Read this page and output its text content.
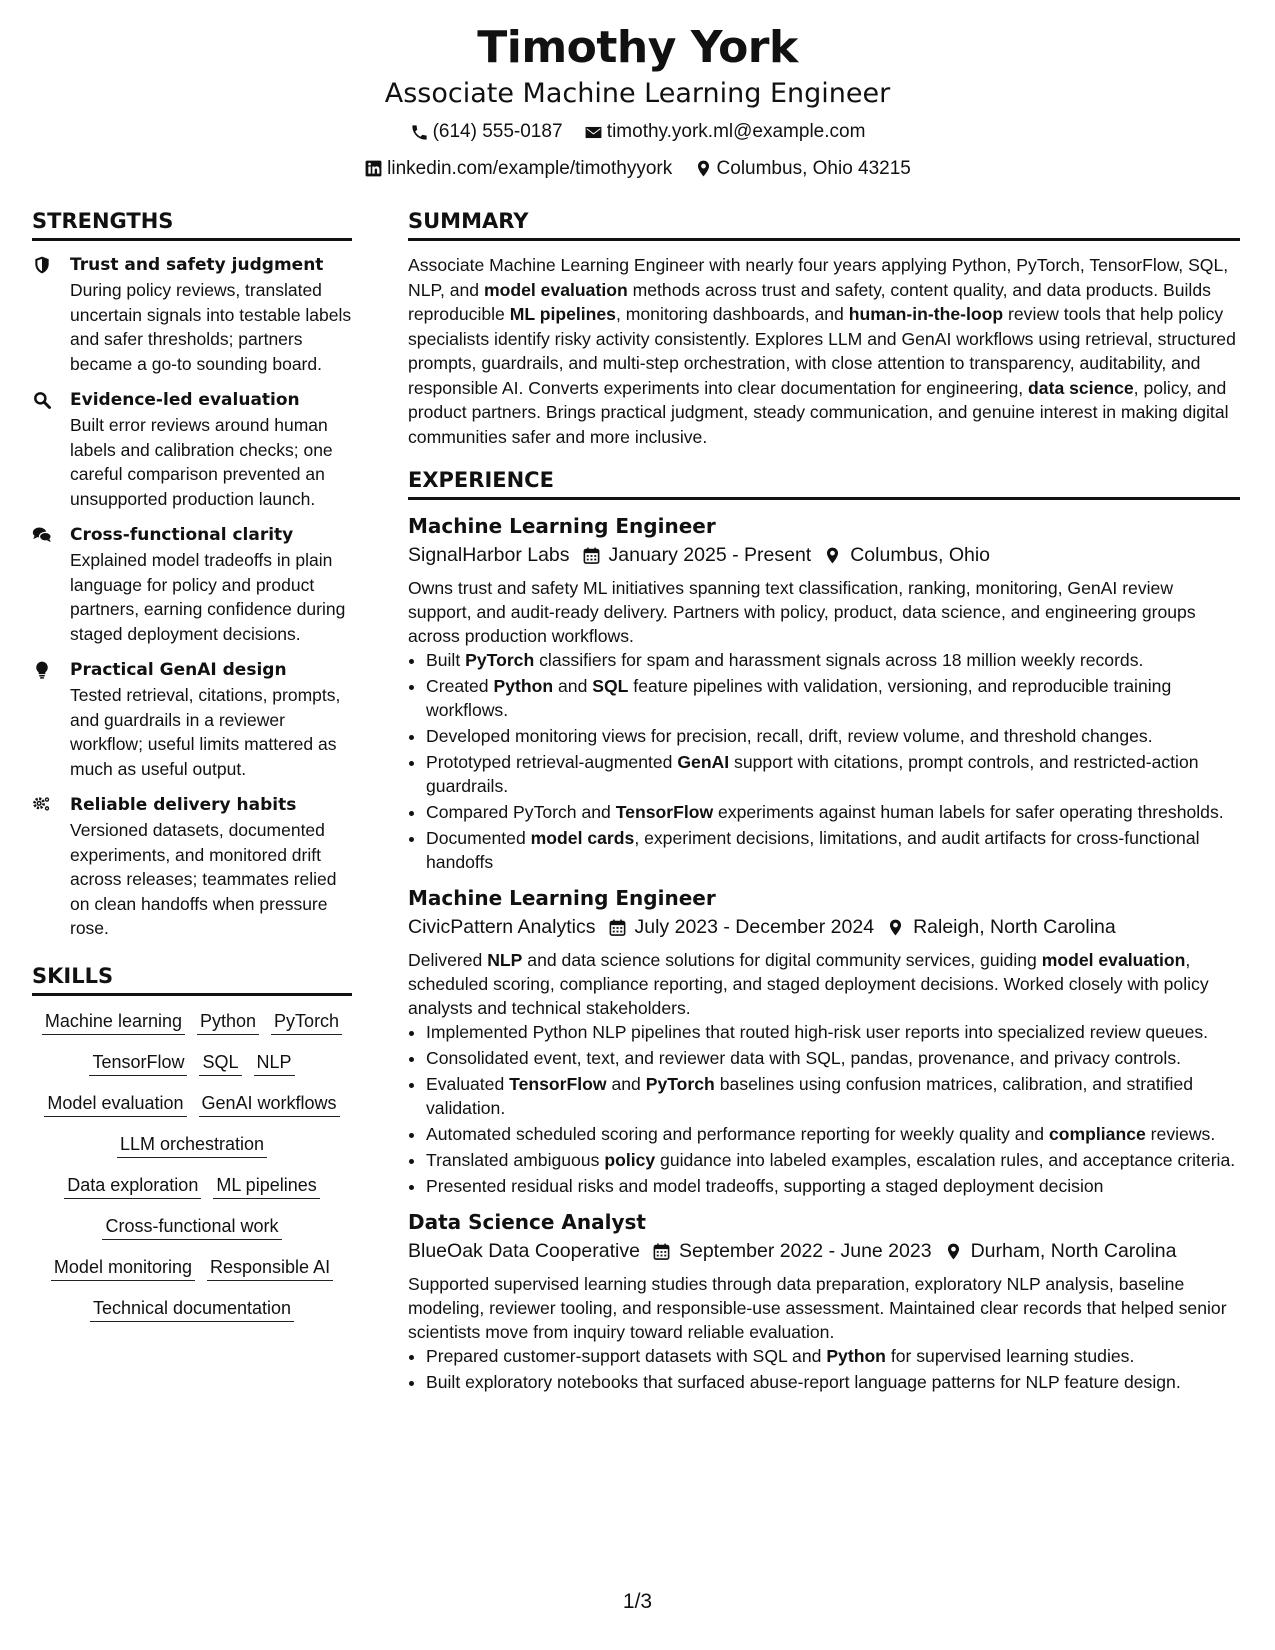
Timothy York
Associate Machine Learning Engineer
(614) 555-0187
timothy.york.ml@example.com
linkedin.com/example/timothyyork
Columbus, Ohio 43215
STRENGTHS
Trust and safety judgment
During policy reviews, translated uncertain signals into testable labels and safer thresholds; partners became a go-to sounding board.
Evidence-led evaluation
Built error reviews around human labels and calibration checks; one careful comparison prevented an unsupported production launch.
Cross-functional clarity
Explained model tradeoffs in plain language for policy and product partners, earning confidence during staged deployment decisions.
Practical GenAI design
Tested retrieval, citations, prompts, and guardrails in a reviewer workflow; useful limits mattered as much as useful output.
Reliable delivery habits
Versioned datasets, documented experiments, and monitored drift across releases; teammates relied on clean handoffs when pressure rose.
SKILLS
Machine learning Python PyTorch
TensorFlow SQL NLP
Model evaluation GenAI workflows
LLM orchestration
Data exploration ML pipelines
Cross-functional work
Model monitoring Responsible AI
Technical documentation
SUMMARY
Associate Machine Learning Engineer with nearly four years applying Python, PyTorch, TensorFlow, SQL, NLP, and model evaluation methods across trust and safety, content quality, and data products. Builds reproducible ML pipelines, monitoring dashboards, and human-in-the-loop review tools that help policy specialists identify risky activity consistently. Explores LLM and GenAI workflows using retrieval, structured prompts, guardrails, and multi-step orchestration, with close attention to transparency, auditability, and responsible AI. Converts experiments into clear documentation for engineering, data science, policy, and product partners. Brings practical judgment, steady communication, and genuine interest in making digital communities safer and more inclusive.
EXPERIENCE
Machine Learning Engineer
SignalHarbor Labs January 2025 - Present Columbus, Ohio
Owns trust and safety ML initiatives spanning text classification, ranking, monitoring, GenAI review support, and audit-ready delivery. Partners with policy, product, data science, and engineering groups across production workflows.
• Built PyTorch classifiers for spam and harassment signals across 18 million weekly records.
• Created Python and SQL feature pipelines with validation, versioning, and reproducible training workflows.
• Developed monitoring views for precision, recall, drift, review volume, and threshold changes.
• Prototyped retrieval-augmented GenAI support with citations, prompt controls, and restricted-action guardrails.
• Compared PyTorch and TensorFlow experiments against human labels for safer operating thresholds.
• Documented model cards, experiment decisions, limitations, and audit artifacts for cross-functional handoffs
Machine Learning Engineer
CivicPattern Analytics July 2023 - December 2024 Raleigh, North Carolina
Delivered NLP and data science solutions for digital community services, guiding model evaluation, scheduled scoring, compliance reporting, and staged deployment decisions. Worked closely with policy analysts and technical stakeholders.
• Implemented Python NLP pipelines that routed high-risk user reports into specialized review queues.
• Consolidated event, text, and reviewer data with SQL, pandas, provenance, and privacy controls.
• Evaluated TensorFlow and PyTorch baselines using confusion matrices, calibration, and stratified validation.
• Automated scheduled scoring and performance reporting for weekly quality and compliance reviews.
• Translated ambiguous policy guidance into labeled examples, escalation rules, and acceptance criteria.
• Presented residual risks and model tradeoffs, supporting a staged deployment decision
Data Science Analyst
BlueOak Data Cooperative September 2022 - June 2023 Durham, North Carolina
Supported supervised learning studies through data preparation, exploratory NLP analysis, baseline modeling, reviewer tooling, and responsible-use assessment. Maintained clear records that helped senior scientists move from inquiry toward reliable evaluation.
• Prepared customer-support datasets with SQL and Python for supervised learning studies.
• Built exploratory notebooks that surfaced abuse-report language patterns for NLP feature design.
1/3
